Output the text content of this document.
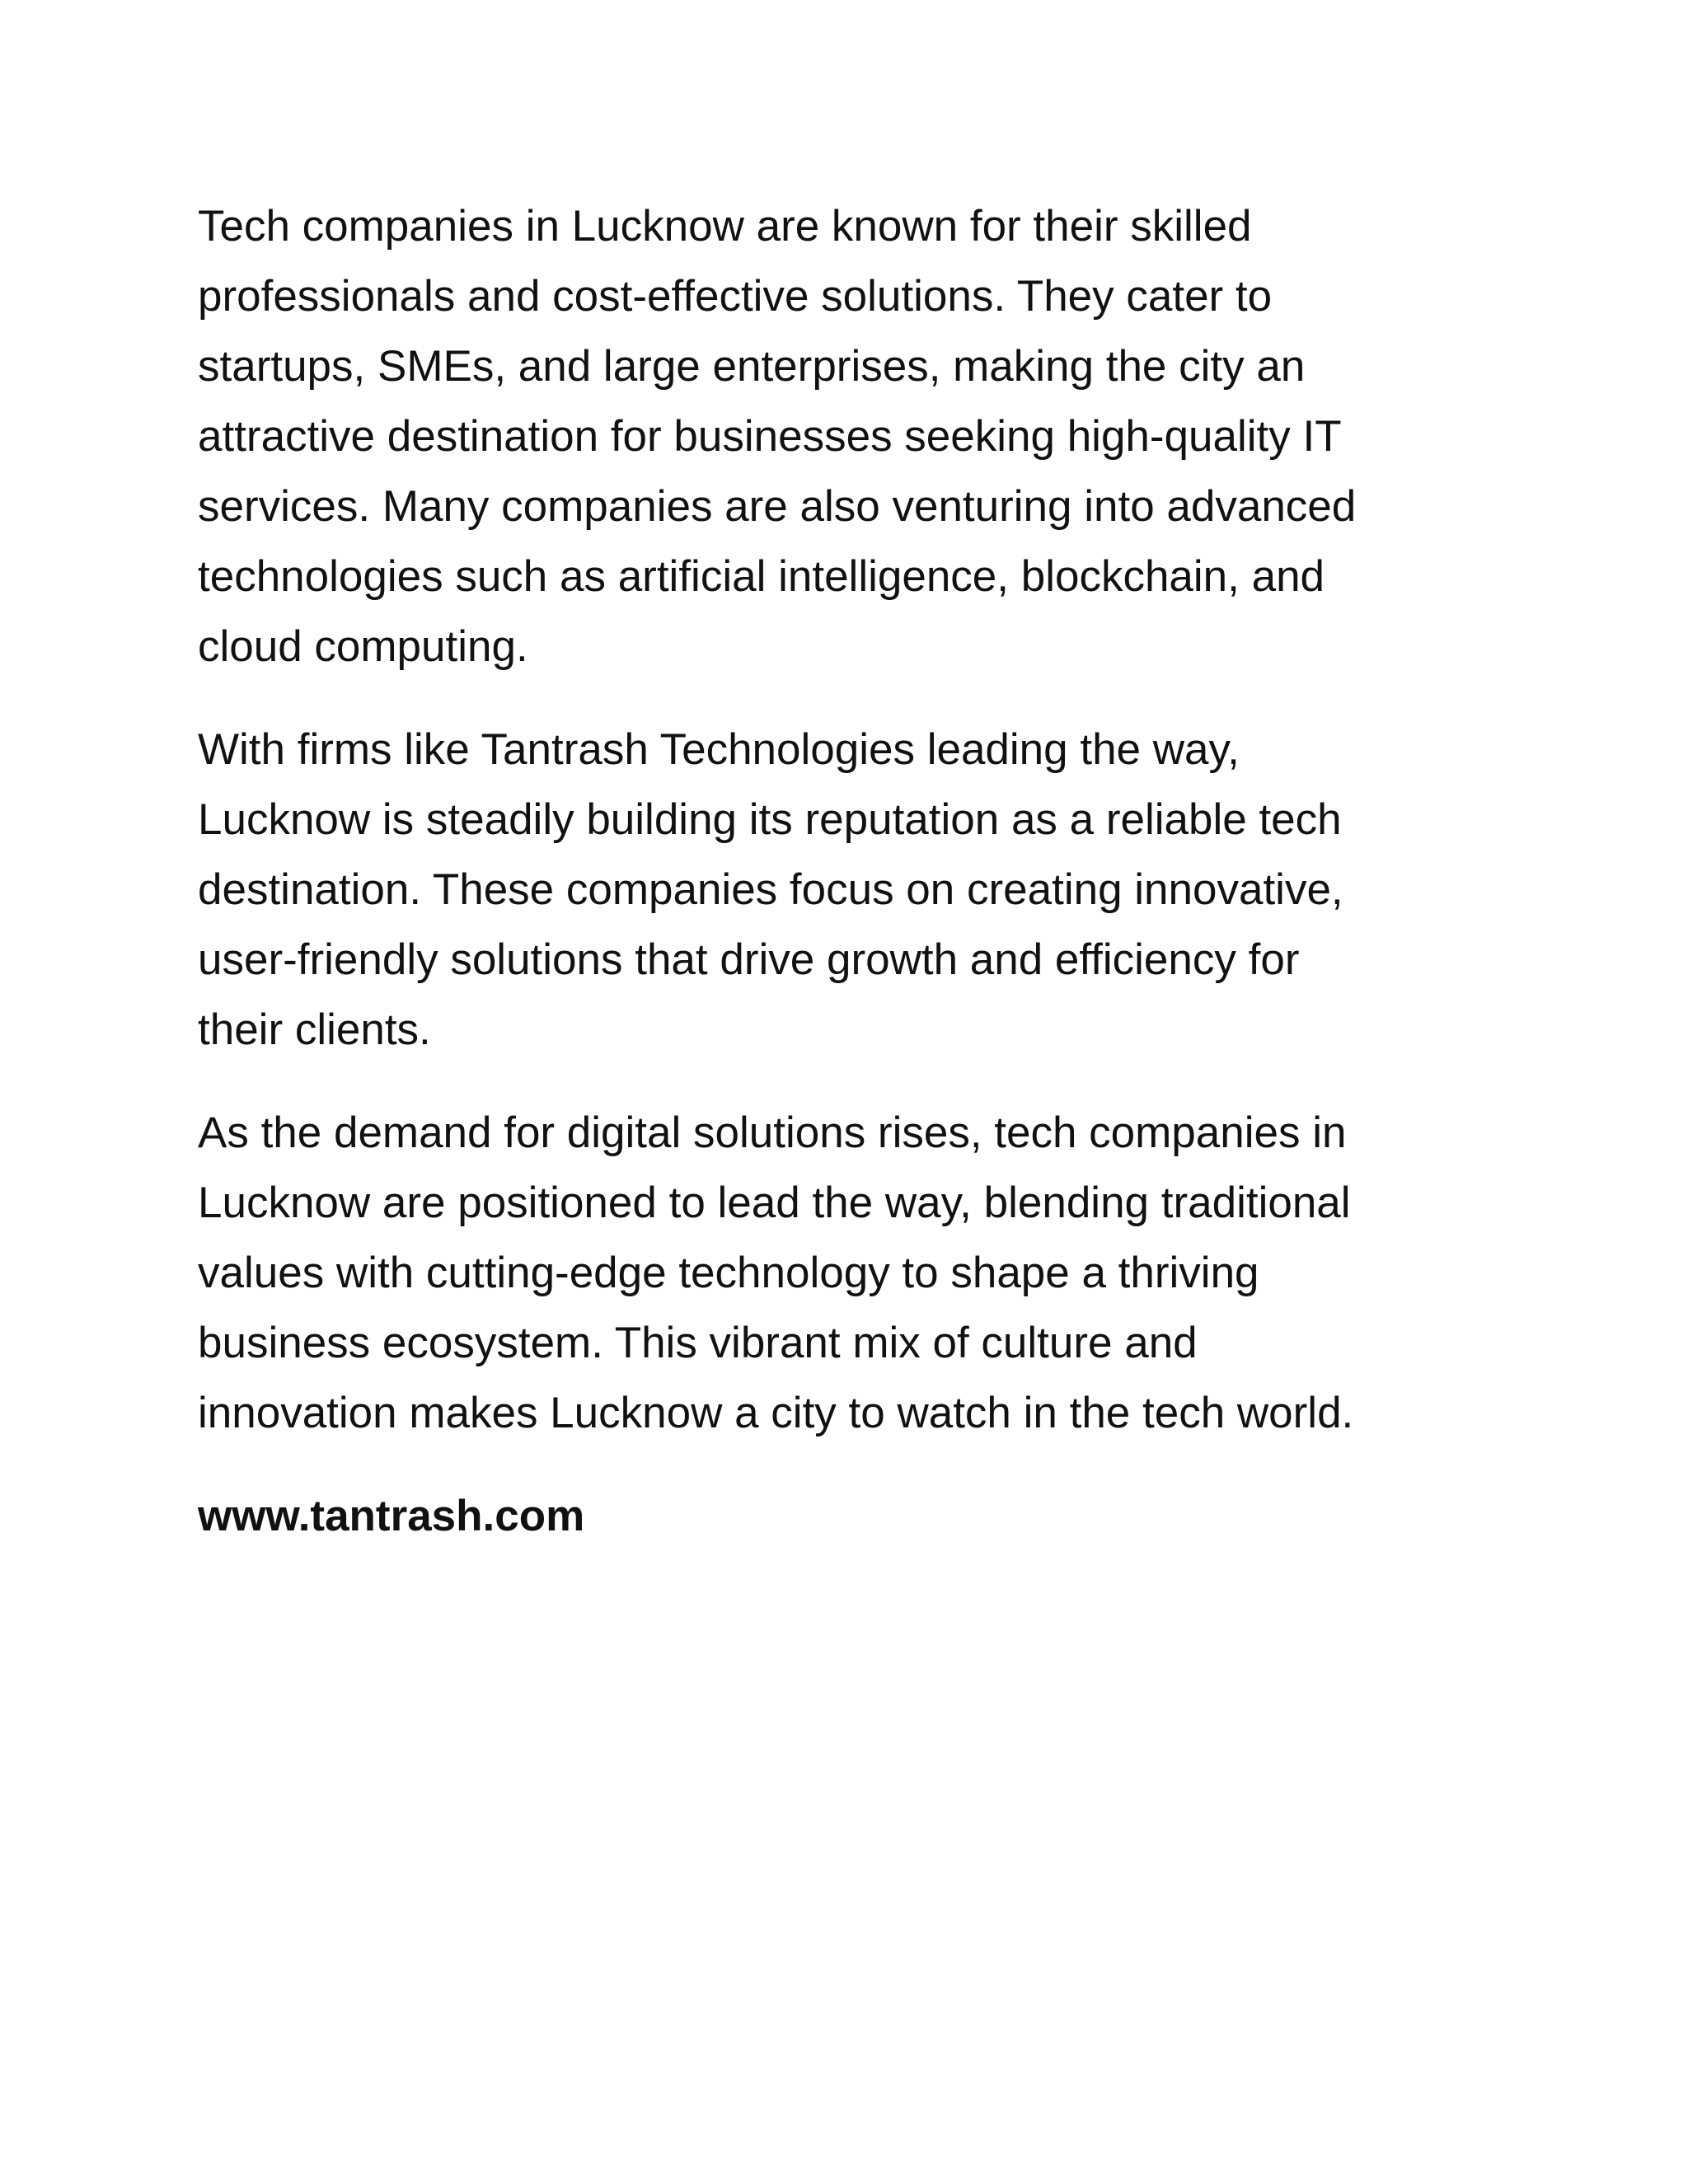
Tech companies in Lucknow are known for their skilled
professionals and cost-effective solutions. They cater to
startups, SMEs, and large enterprises, making the city an
attractive destination for businesses seeking high-quality IT
services. Many companies are also venturing into advanced
technologies such as artificial intelligence, blockchain, and
cloud computing.

With firms like Tantrash Technologies leading the way,
Lucknow is steadily building its reputation as a reliable tech
destination. These companies focus on creating innovative,
user-friendly solutions that drive growth and efficiency for
their clients.

As the demand for digital solutions rises, tech companies in
Lucknow are positioned to lead the way, blending traditional
values with cutting-edge technology to shape a thriving
business ecosystem. This vibrant mix of culture and
innovation makes Lucknow a city to watch in the tech world.

www.tantrash.com
